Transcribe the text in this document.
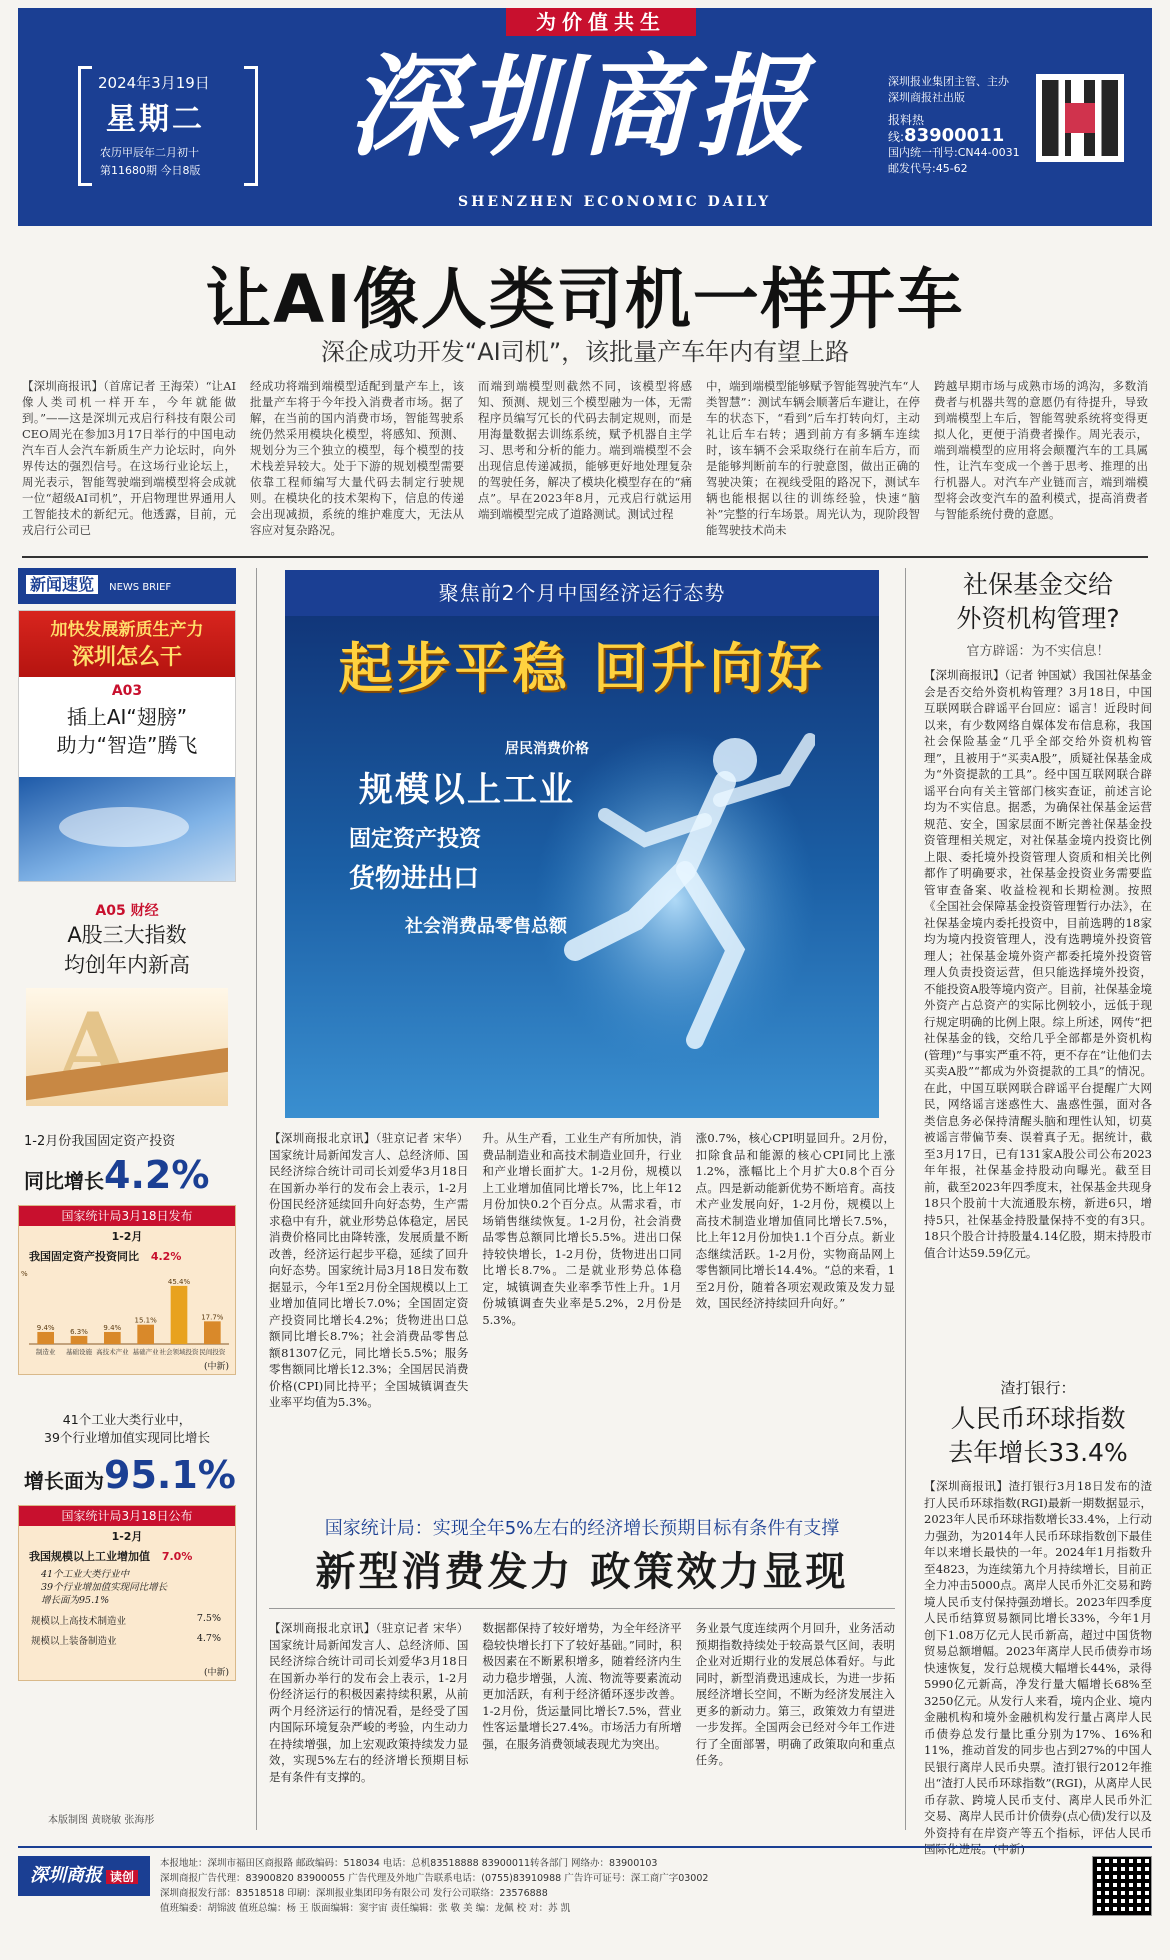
为价值共生
2024年3月19日
星期二
农历甲辰年二月初十
第11680期 今日8版 深圳商报
SHENZHEN ECONOMIC DAILY
深圳报业集团主管、主办
深圳商报社出版
报料热线:83900011
国内统一刊号:CN44-0031
邮发代号:45-62
让AI像人类司机一样开车
深企成功开发“AI司机”，该批量产车年内有望上路
【深圳商报讯】（首席记者 王海荣）“让AI像人类司机一样开车，今年就能做到。”——这是深圳元戎启行科技有限公司CEO周光在参加3月17日举行的中国电动汽车百人会汽车新质生产力论坛时，向外界传达的强烈信号。在这场行业论坛上，周光表示，智能驾驶端到端模型将会成就一位“超级AI司机”，开启物理世界通用人工智能技术的新纪元。他透露，目前，元戎启行公司已
经成功将端到端模型适配到量产车上，该批量产车将于今年投入消费者市场。据了解，在当前的国内消费市场，智能驾驶系统仍然采用模块化模型，将感知、预测、规划分为三个独立的模型，每个模型的技术栈差异较大。处于下游的规划模型需要依靠工程师编写大量代码去制定行驶规则。在模块化的技术架构下，信息的传递会出现减损，系统的维护难度大，无法从容应对复杂路况。
而端到端模型则截然不同，该模型将感知、预测、规划三个模型融为一体，无需程序员编写冗长的代码去制定规则，而是用海量数据去训练系统，赋予机器自主学习、思考和分析的能力。端到端模型不会出现信息传递减损，能够更好地处理复杂的驾驶任务，解决了模块化模型存在的“痛点”。早在2023年8月，元戎启行就运用端到端模型完成了道路测试。测试过程
中，端到端模型能够赋予智能驾驶汽车“人类智慧”：测试车辆会顺著后车避让，在停车的状态下，“看到”后车打转向灯，主动礼让后车右转；遇到前方有多辆车连续时，该车辆不会采取绕行在前车后方，而是能够判断前车的行驶意图，做出正确的驾驶决策；在视线受阻的路况下，测试车辆也能根据以往的训练经验，快速“脑补”完整的行车场景。周光认为，现阶段智能驾驶技术尚未
跨越早期市场与成熟市场的鸿沟，多数消费者与机器共驾的意愿仍有待提升，导致到端模型上车后，智能驾驶系统将变得更拟人化，更便于消费者操作。周光表示，端到端模型的应用将会颠覆汽车的工具属性，让汽车变成一个善于思考、推理的出行机器人。对汽车产业链而言，端到端模型将会改变汽车的盈利模式，提高消费者与智能系统付费的意愿。
新闻速览 NEWS BRIEF
加快发展新质生产力
深圳怎么干
A03
插上AI“翅膀”
助力“智造”腾飞
A05 财经
A股三大指数
均创年内新高
A
1-2月份我国固定资产投资
同比增长4.2%
国家统计局3月18日发布
1-2月
我国固定资产投资同比 4.2%
9.4%
制造业
6.3%
基础设施
9.4%
高技术产业
15.1%
基础产业
45.4%
社会领域投资
17.7%
民间投资
我国固定资产投资同比
%
(中新)
41个工业大类行业中，
39个行业增加值实现同比增长
增长面为95.1%
国家统计局3月18日公布
1-2月
我国规模以上工业增加值 7.0%
41个工业大类行业中
39个行业增加值实现同比增长
增长面为95.1%
规模以上高技术制造业	7.5%
规模以上装备制造业	4.7%
(中新)
本版制图 黄晓敏 张海彤
聚焦前2个月中国经济运行态势
起步平稳 回升向好
居民消费价格
规模以上工业
固定资产投资
货物进出口
社会消费品零售总额
【深圳商报北京讯】（驻京记者 宋华）国家统计局新闻发言人、总经济师、国民经济综合统计司司长刘爱华3月18日在国新办举行的发布会上表示，1-2月份国民经济延续回升向好态势，生产需求稳中有升，就业形势总体稳定，居民消费价格同比由降转涨，发展质量不断改善，经济运行起步平稳，延续了回升向好态势。国家统计局3月18日发布数据显示，今年1至2月份全国规模以上工业增加值同比增长7.0%；全国固定资产投资同比增长4.2%；货物进出口总额同比增长8.7%；社会消费品零售总额81307亿元，同比增长5.5%；服务零售额同比增长12.3%；全国居民消费价格(CPI)同比持平；全国城镇调查失业率平均值为5.3%。
升。从生产看，工业生产有所加快，消费品制造业和高技术制造业回升，行业和产业增长面扩大。1-2月份，规模以上工业增加值同比增长7%，比上年12月份加快0.2个百分点。从需求看，市场销售继续恢复。1-2月份，社会消费品零售总额同比增长5.5%。进出口保持较快增长，1-2月份，货物进出口同比增长8.7%。二是就业形势总体稳定，城镇调查失业率季节性上升。1月份城镇调查失业率是5.2%，2月份是5.3%。
涨0.7%，核心CPI明显回升。2月份，扣除食品和能源的核心CPI同比上涨1.2%，涨幅比上个月扩大0.8个百分点。四是新动能新优势不断培育。高技术产业发展向好，1-2月份，规模以上高技术制造业增加值同比增长7.5%，比上年12月份加快1.1个百分点。新业态继续活跃。1-2月份，实物商品网上零售额同比增长14.4%。“总的来看，1至2月份，随着各项宏观政策及发力显效，国民经济持续回升向好。”
国家统计局：实现全年5%左右的经济增长预期目标有条件有支撑
新型消费发力 政策效力显现
【深圳商报北京讯】（驻京记者 宋华）国家统计局新闻发言人、总经济师、国民经济综合统计司司长刘爱华3月18日在国新办举行的发布会上表示，1-2月份经济运行的积极因素持续积累，从前两个月经济运行的情况看，是经受了国内国际环境复杂严峻的考验，内生动力在持续增强，加上宏观政策持续发力显效，实现5%左右的经济增长预期目标是有条件有支撑的。
数据都保持了较好增势，为全年经济平稳较快增长打下了较好基础。”同时，积极因素在不断累积增多，随着经济内生动力稳步增强，人流、物流等要素流动更加活跃，有利于经济循环逐步改善。1-2月份，货运量同比增长7.5%，营业性客运量增长27.4%。市场活力有所增强，在服务消费领域表现尤为突出。
务业景气度连续两个月回升，业务活动预期指数持续处于较高景气区间，表明企业对近期行业的发展总体看好。与此同时，新型消费迅速成长，为进一步拓展经济增长空间，不断为经济发展注入更多的新动力。第三，政策效力有望进一步发挥。全国两会已经对今年工作进行了全面部署，明确了政策取向和重点任务。
社保基金交给
外资机构管理?
官方辟谣：为不实信息！
【深圳商报讯】（记者 钟国斌）我国社保基金会是否交给外资机构管理？3月18日，中国互联网联合辟谣平台回应：谣言！近段时间以来，有少数网络自媒体发布信息称，我国社会保险基金“几乎全部交给外资机构管理”，且被用于“买卖A股”，质疑社保基金成为“外资提款的工具”。经中国互联网联合辟谣平台向有关主管部门核实查证，前述言论均为不实信息。据悉，为确保社保基金运营规范、安全，国家层面不断完善社保基金投资管理相关规定，对社保基金境内投资比例上限、委托境外投资管理人资质和相关比例都作了明确要求，社保基金投资业务需要监管审查备案、收益检视和长期检测。按照《全国社会保障基金投资管理暂行办法》，在社保基金境内委托投资中，目前选聘的18家均为境内投资管理人，没有选聘境外投资管理人；社保基金境外资产都委托境外投资管理人负责投资运营，但只能选择境外投资，不能投资A股等境内资产。目前，社保基金境外资产占总资产的实际比例较小，远低于现行规定明确的比例上限。综上所述，网传“把社保基金的钱，交给几乎全部都是外资机构(管理)”与事实严重不符，更不存在“让他们去买卖A股”“都成为外资提款的工具”的情况。在此，中国互联网联合辟谣平台提醒广大网民，网络谣言迷惑性大、蛊惑性强，面对各类信息务必保持清醒头脑和理性认知，切莫被谣言带偏节奏、误着真子无。据统计，截至3月17日，已有131家A股公司公布2023年年报，社保基金持股动向曝光。截至目前，截至2023年四季度末，社保基金共现身18只个股前十大流通股东榜，新进6只，增持5只，社保基金持股量保持不变的有3只。18只个股合计持股量4.14亿股，期末持股市值合计达59.59亿元。
渣打银行：
人民币环球指数
去年增长33.4%
【深圳商报讯】渣打银行3月18日发布的渣打人民币环球指数(RGI)最新一期数据显示，2023年人民币环球指数增长33.4%，上行动力强劲，为2014年人民币环球指数创下最佳年以来增长最快的一年。2024年1月指数升至4823，为连续第九个月持续增长，目前正全力冲击5000点。离岸人民币外汇交易和跨境人民币支付保持强劲增长。2023年四季度人民币结算贸易额同比增长33%，今年1月创下1.08万亿元人民币新高，超过中国货物贸易总额增幅。2023年离岸人民币债券市场快速恢复，发行总规模大幅增长44%，录得5990亿元新高，净发行量大幅增长68%至3250亿元。从发行人来看，境内企业、境内金融机构和境外金融机构发行量占离岸人民币债券总发行量比重分别为17%、16%和11%，推动首发的同步也占到27%的中国人民银行离岸人民币央票。渣打银行2012年推出“渣打人民币环球指数”(RGI)，从离岸人民币存款、跨境人民币支付、离岸人民币外汇交易、离岸人民币计价债券(点心债)发行以及外资持有在岸资产等五个指标，评估人民币国际化进展。(中新)
深圳商报 读创
本报地址：深圳市福田区商报路 邮政编码：518034 电话：总机83518888 83900011转各部门 网络办：83900103
深圳商报广告代理：83900820 83900055 广告代理及外地广告联系电话：(0755)83910988 广告许可证号：深工商广字03002
深圳商报发行部：83518518 印刷：深圳报业集团印务有限公司 发行公司联络：23576888
值班编委：胡锦波 值班总编：杨 王 版面编辑：窦宇宙 责任编辑：张 敬 美 编：龙佩 校 对：苏 凯
